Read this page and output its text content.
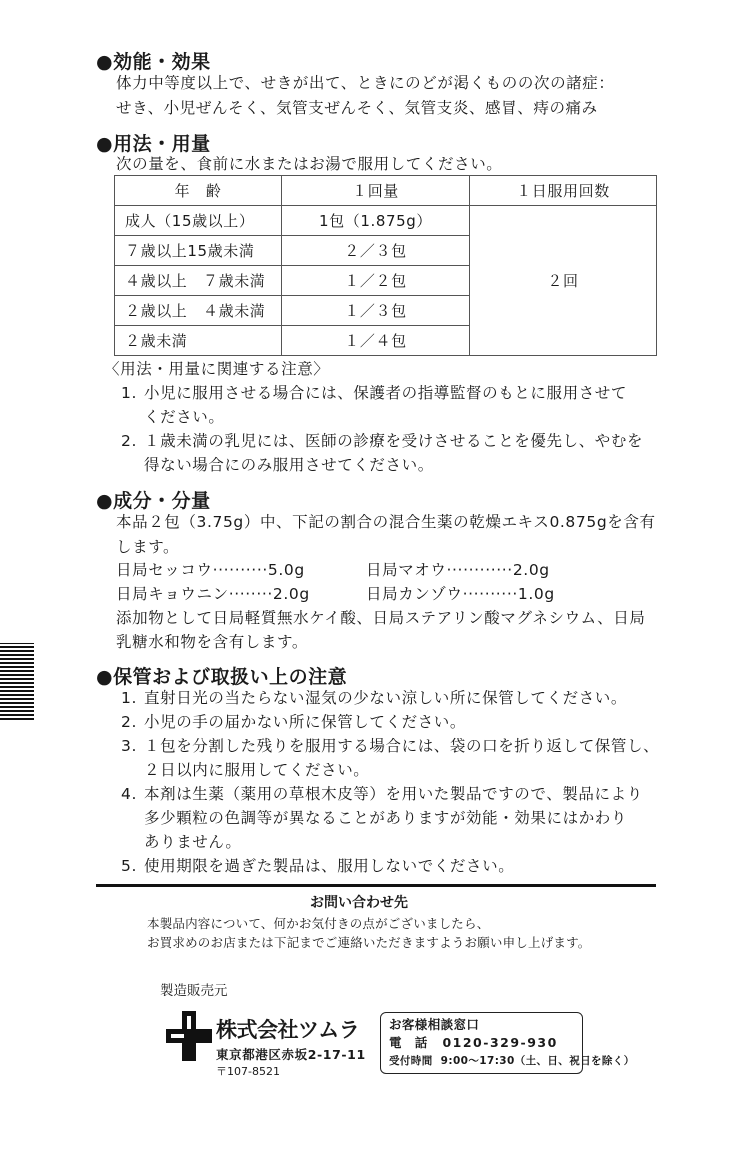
●効能・効果
体力中等度以上で、せきが出て、ときにのどが渇くものの次の諸症：
せき、小児ぜんそく、気管支ぜんそく、気管支炎、感冒、痔の痛み
●用法・用量
次の量を、食前に水またはお湯で服用してください。
年　齢	１回量	１日服用回数
成人（15歳以上）	1包（1.875g）	２回
７歳以上15歳未満	２／３包	
４歳以上　７歳未満	１／２包	
２歳以上　４歳未満	１／３包	
２歳未満	１／４包	
〈用法・用量に関連する注意〉
1. 小児に服用させる場合には、保護者の指導監督のもとに服用させて
ください。
2. １歳未満の乳児には、医師の診療を受けさせることを優先し、やむを
得ない場合にのみ服用させてください。
●成分・分量
本品２包（3.75g）中、下記の割合の混合生薬の乾燥エキス0.875gを含有
します。
日局セッコウ··········5.0g	日局マオウ············2.0g
日局キョウニン········2.0g	日局カンゾウ··········1.0g
添加物として日局軽質無水ケイ酸、日局ステアリン酸マグネシウム、日局
乳糖水和物を含有します。
●保管および取扱い上の注意
1. 直射日光の当たらない湿気の少ない涼しい所に保管してください。
2. 小児の手の届かない所に保管してください。
3. １包を分割した残りを服用する場合には、袋の口を折り返して保管し、
２日以内に服用してください。
4. 本剤は生薬（薬用の草根木皮等）を用いた製品ですので、製品により
多少顆粒の色調等が異なることがありますが効能・効果にはかわり
ありません。
5. 使用期限を過ぎた製品は、服用しないでください。
お問い合わせ先
本製品内容について、何かお気付きの点がございましたら、
お買求めのお店または下記までご連絡いただきますようお願い申し上げます。
製造販売元
株式会社ツムラ
東京都港区赤坂2-17-11
〒107-8521
お客様相談窓口
電　話 0120-329-930
受付時間 9:00〜17:30（土、日、祝日を除く）
